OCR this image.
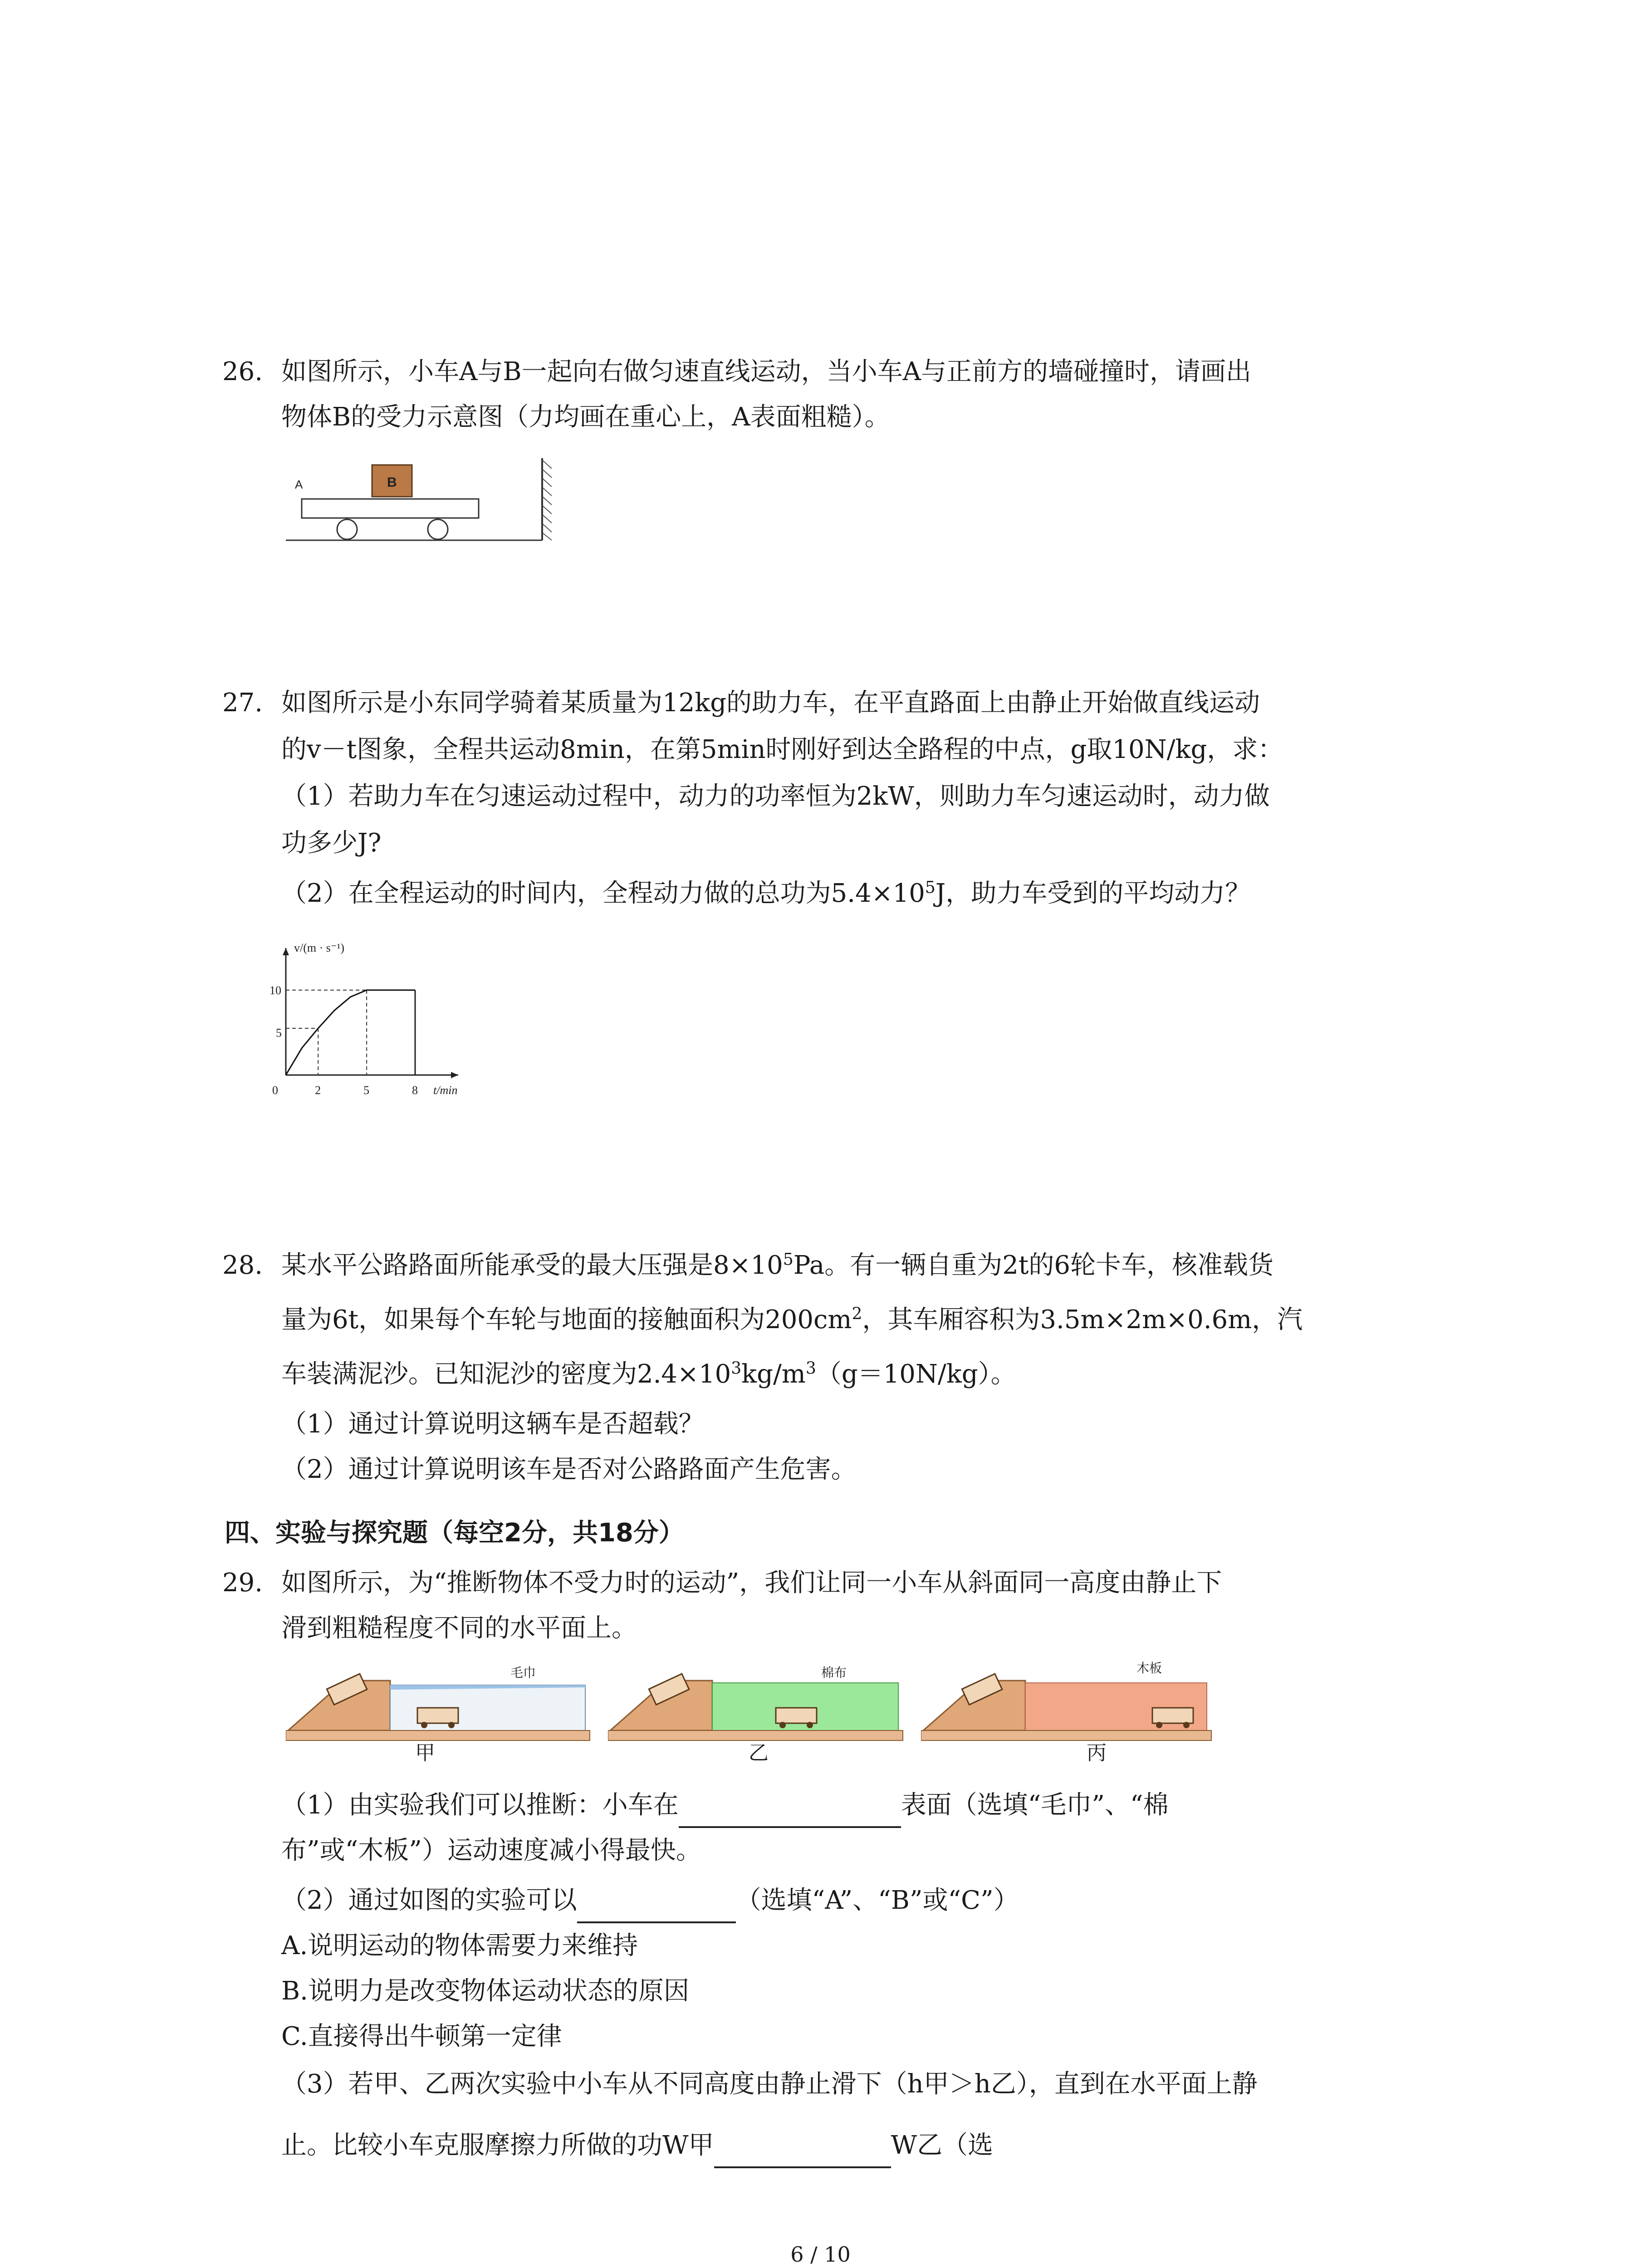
26. 如图所示，小车A与B一起向右做匀速直线运动，当小车A与正前方的墙碰撞时，请画出
物体B的受力示意图（力均画在重心上，A表面粗糙）。
B
A
27. 如图所示是小东同学骑着某质量为12kg的助力车，在平直路面上由静止开始做直线运动
的v－t图象，全程共运动8min，在第5min时刚好到达全路程的中点，g取10N/kg，求：
（1）若助力车在匀速运动过程中，动力的功率恒为2kW，则助力车匀速运动时，动力做
功多少J?
（2）在全程运动的时间内，全程动力做的总功为$5.4\times 10^5J$，助力车受到的平均动力？
v/(m · s⁻¹)
t/min
0	2	5	8
5
10
28. 某水平公路路面所能承受的最大压强是$8\times 10^5Pa$。有一辆自重为2t的6轮卡车，核准载货
量为6t，如果每个车轮与地面的接触面积为$200cm^2$，其车厢容积为3.5m×2m×0.6m，汽
车装满泥沙。已知泥沙的密度为$2.4\times 10^3kg/m^3(g=10N/kg)$。
（1）通过计算说明这辆车是否超载？
（2）通过计算说明该车是否对公路路面产生危害。
四、实验与探究题（每空2分，共18分）
29. 如图所示，为“推断物体不受力时的运动”，我们让同一小车从斜面同一高度由静止下
滑到粗糙程度不同的水平面上。
毛巾	棉布	木板
甲	乙	丙
（1）由实验我们可以推断：小车在	表面（选填“毛巾”、“棉
布”或“木板”）运动速度减小得最快。
（2）通过如图的实验可以	（选填“A”、“B”或“C”）
A.说明运动的物体需要力来维持
B.说明力是改变物体运动状态的原因
C.直接得出牛顿第一定律
（3）若甲、乙两次实验中小车从不同高度由静止滑下（h甲＞h乙），直到在水平面上静
止。比较小车克服摩擦力所做的功W甲	W乙（选
6 / 10
